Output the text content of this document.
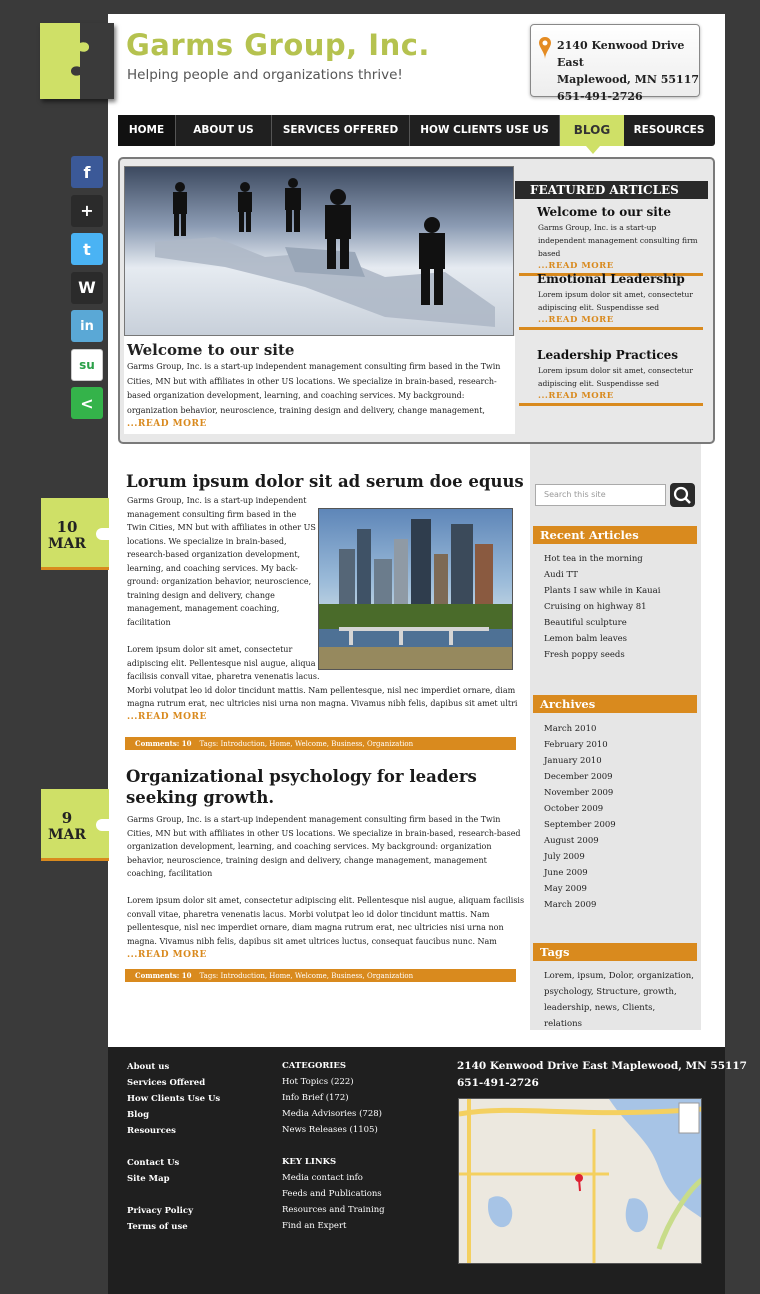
Garms Group, Inc.
Helping people and organizations thrive!
2140 Kenwood Drive East
Maplewood, MN 55117
651-491-2726
HOME	ABOUT US	SERVICES OFFERED	HOW CLIENTS USE US	BLOG	RESOURCES
f
+
t
W
in
su
<
Welcome to our site
Garms Group, Inc. is a start-up independent management consulting firm based in the Twin Cities, MN but with affiliates in other US locations. We specialize in brain-based, research-based organization development, learning, and coaching services. My background: organization behavior, neuroscience, training design and delivery, change management,
...READ MORE
FEATURED ARTICLES
Welcome to our site
Garms Group, Inc. is a start-up independent management consulting firm based
...READ MORE
Emotional Leadership
Lorem ipsum dolor sit amet, consectetur adipiscing elit. Suspendisse sed
...READ MORE
Leadership Practices
Lorem ipsum dolor sit amet, consectetur adipiscing elit. Suspendisse sed
...READ MORE
10
MAR
Lorum ipsum dolor sit ad serum doe equus
Garms Group, Inc. is a start-up independent
management consulting firm based in the
Twin Cities, MN but with affiliates in other US
locations. We specialize in brain-based,
research-based organization development,
learning, and coaching services. My back-
ground: organization behavior, neuroscience,
training design and delivery, change
management, management coaching,
facilitation
Lorem ipsum dolor sit amet, consectetur
adipiscing elit. Pellentesque nisl augue, aliqua
facilisis convall vitae, pharetra venenatis lacus.
Morbi volutpat leo id dolor tincidunt mattis. Nam pellentesque, nisl nec imperdiet ornare, diam
magna rutrum erat, nec ultricies nisi urna non magna. Vivamus nibh felis, dapibus sit amet ultri
...READ MORE
Comments: 10 Tags: Introduction, Home, Welcome, Business, Organization
9
MAR
Organizational psychology for leaders
seeking growth.
Garms Group, Inc. is a start-up independent management consulting firm based in the Twin
Cities, MN but with affiliates in other US locations. We specialize in brain-based, research-based
organization development, learning, and coaching services. My background: organization
behavior, neuroscience, training design and delivery, change management, management
coaching, facilitation
Lorem ipsum dolor sit amet, consectetur adipiscing elit. Pellentesque nisl augue, aliquam facilisis
convall vitae, pharetra venenatis lacus. Morbi volutpat leo id dolor tincidunt mattis. Nam
pellentesque, nisl nec imperdiet ornare, diam magna rutrum erat, nec ultricies nisi urna non
magna. Vivamus nibh felis, dapibus sit amet ultrices luctus, consequat faucibus nunc. Nam
...READ MORE
Comments: 10 Tags: Introduction, Home, Welcome, Business, Organization
Search this site
Recent Articles
Hot tea in the morning
Audi TT
Plants I saw while in Kauai
Cruising on highway 81
Beautiful sculpture
Lemon balm leaves
Fresh poppy seeds
Archives
March 2010
February 2010
January 2010
December 2009
November 2009
October 2009
September 2009
August 2009
July 2009
June 2009
May 2009
March 2009
Tags
Lorem, ipsum, Dolor, organization,
psychology, Structure, growth,
leadership, news, Clients, relations
About us
Services Offered
How Clients Use Us
Blog
Resources
Contact Us
Site Map
Privacy Policy
Terms of use
CATEGORIES
Hot Topics (222)
Info Brief (172)
Media Advisories (728)
News Releases (1105)
KEY LINKS
Media contact info
Feeds and Publications
Resources and Training
Find an Expert
2140 Kenwood Drive East Maplewood, MN 55117
651-491-2726
